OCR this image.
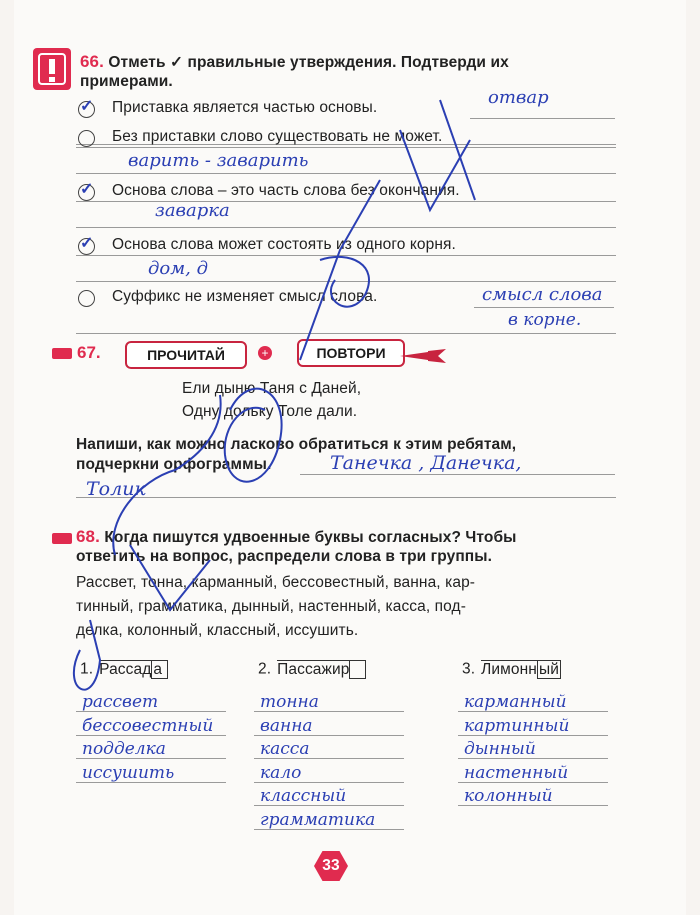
66. Отметь ✓ правильные утверждения. Подтверди их
примерами.
✓ Приставка является частью основы.	отвар
Без приставки слово существовать не может.
варить - заварить
✓ Основа слова – это часть слова без окончания.
заварка
✓ Основа слова может состоять из одного корня.
дом, д
Суффикс не изменяет смысл слова.	смысл слова
в корне.
67.	ПРОЧИТАЙ	+	ПОВТОРИ
Ели дыню Таня с Даней,
Одну дольку Толе дали.
Напиши, как можно ласково обратиться к этим ребятам,
подчеркни орфограммы.	Танечка , Данечка,
Толик
68. Когда пишутся удвоенные буквы согласных? Чтобы
ответить на вопрос, распредели слова в три группы.
Рассвет, тонна, карманный, бессовестный, ванна, кар-
тинный, грамматика, дынный, настенный, касса, под-
делка, колонный, классный, иссушить.
1. Рассад а
рассвет
бессовестный
подделка
иссушить
2. Пассажир
тонна
ванна
касса
кало
классный
грамматика
3. Лимонн ый
карманный
картинный
дынный
настенный
колонный
33
